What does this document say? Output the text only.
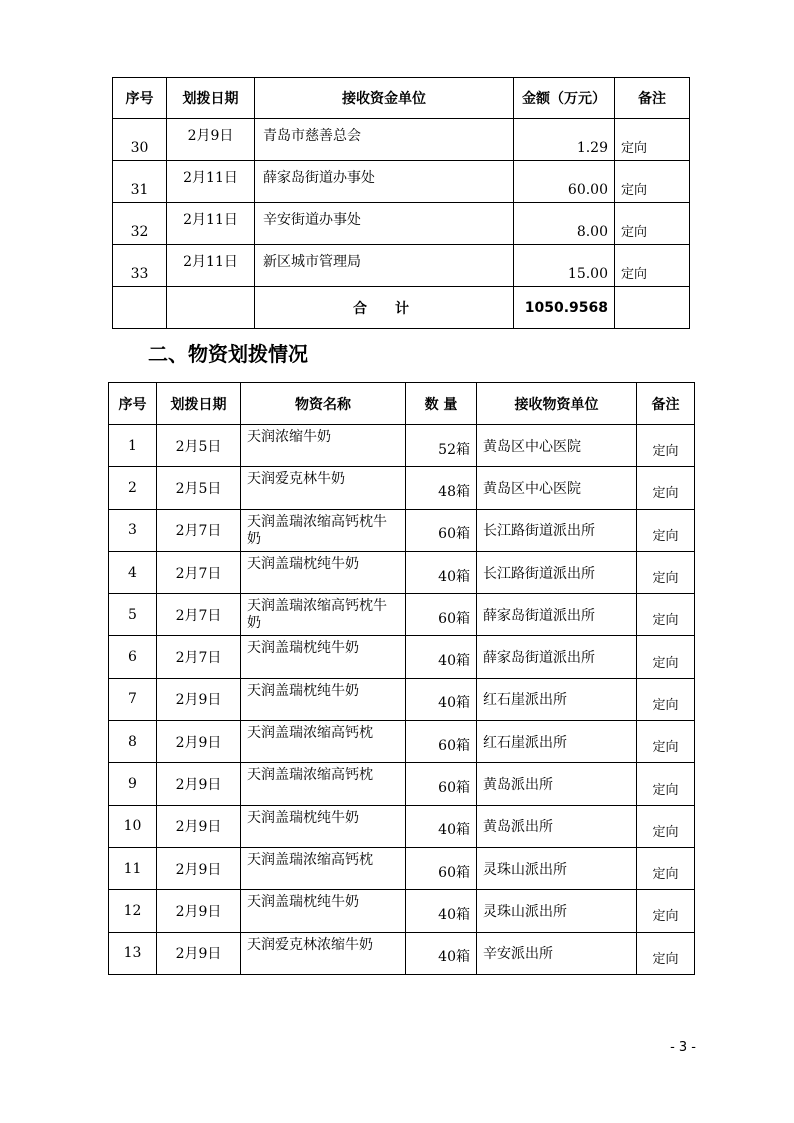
序号	划拨日期	接收资金单位	金额（万元）	备注
30	2月9日	青岛市慈善总会	1.29	定向
31	2月11日	薛家岛街道办事处	60.00	定向
32	2月11日	辛安街道办事处	8.00	定向
33	2月11日	新区城市管理局	15.00	定向
		合计	1050.9568	
二、物资划拨情况
序号	划拨日期	物资名称	数 量	接收物资单位	备注
1	2月5日	天润浓缩牛奶	52箱	黄岛区中心医院	定向
2	2月5日	天润爱克林牛奶	48箱	黄岛区中心医院	定向
3	2月7日	天润盖瑞浓缩高钙枕牛奶	60箱	长江路街道派出所	定向
4	2月7日	天润盖瑞枕纯牛奶	40箱	长江路街道派出所	定向
5	2月7日	天润盖瑞浓缩高钙枕牛奶	60箱	薛家岛街道派出所	定向
6	2月7日	天润盖瑞枕纯牛奶	40箱	薛家岛街道派出所	定向
7	2月9日	天润盖瑞枕纯牛奶	40箱	红石崖派出所	定向
8	2月9日	天润盖瑞浓缩高钙枕	60箱	红石崖派出所	定向
9	2月9日	天润盖瑞浓缩高钙枕	60箱	黄岛派出所	定向
10	2月9日	天润盖瑞枕纯牛奶	40箱	黄岛派出所	定向
11	2月9日	天润盖瑞浓缩高钙枕	60箱	灵珠山派出所	定向
12	2月9日	天润盖瑞枕纯牛奶	40箱	灵珠山派出所	定向
13	2月9日	天润爱克林浓缩牛奶	40箱	辛安派出所	定向
- 3 -
